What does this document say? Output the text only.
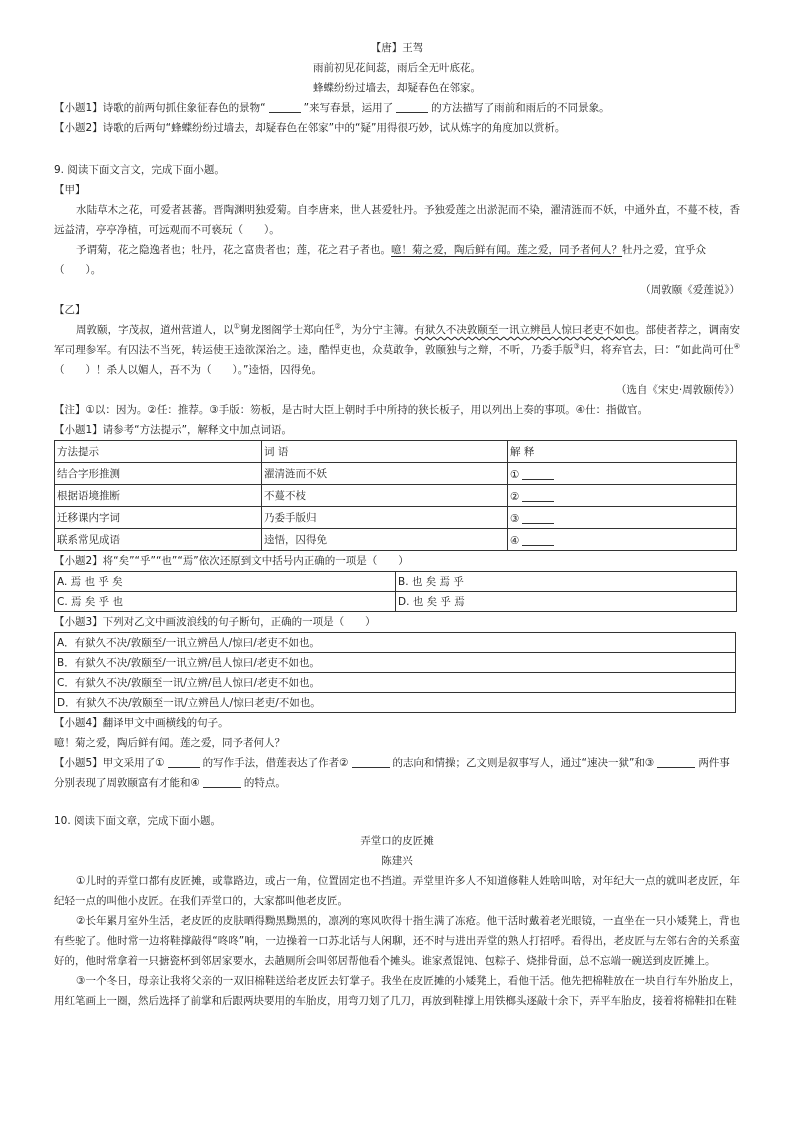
【唐】王驾
雨前初见花间蕊，雨后全无叶底花。
蜂蝶纷纷过墙去，却疑春色在邻家。
【小题1】诗歌的前两句抓住象征春色的景物“	”来写春景，运用了	的方法描写了雨前和雨后的不同景象。
【小题2】诗歌的后两句“蜂蝶纷纷过墙去，却疑春色在邻家”中的“疑”用得很巧妙，试从炼字的角度加以赏析。
9. 阅读下面文言文，完成下面小题。
【甲】
水陆草木之花，可爱者甚蕃。晋陶渊明独爱菊。自李唐来，世人甚爱牡丹。予独爱莲之出淤泥而不染，濯清涟而不妖，中通外直，不蔓不枝，香远益清，亭亭净植，可远观而不可亵玩（　　）。
予谓菊，花之隐逸者也；牡丹，花之富贵者也；莲，花之君子者也。噫！菊之爱，陶后鲜有闻。莲之爱，同予者何人？牡丹之爱，宜乎众
（　　）。
（周敦颐《爱莲说》）
【乙】
周敦颐，字茂叔，道州营道人，以①舅龙图阁学士郑向任②，为分宁主簿。有狱久不决敦颐至一讯立辨邑人惊曰老吏不如也。部使者荐之，调南安军司理参军。有囚法不当死，转运使王逵欲深治之。逵，酷悍吏也，众莫敢争，敦颐独与之辩，不听，乃委手版③归，将弃官去，曰：“如此尚可仕④（　　）！杀人以媚人，吾不为（　　）。”逵悟，囚得免。
（选自《宋史·周敦颐传》）
【注】①以：因为。②任：推荐。③手版：笏板，是古时大臣上朝时手中所持的狭长板子，用以列出上奏的事项。④仕：指做官。
【小题1】请参考“方法提示”，解释文中加点词语。
方法提示	词 语	解 释
结合字形推测	濯清涟而不妖	①
根据语境推断	不蔓不枝	②
迁移课内字词	乃委手版归	③
联系常见成语	逵悟，囚得免	④
【小题2】将“矣”“乎”“也”“焉”依次还原到文中括号内正确的一项是（　　）
A. 焉 也 乎 矣	B. 也 矣 焉 乎
C. 焉 矣 乎 也	D. 也 矣 乎 焉
【小题3】下列对乙文中画波浪线的句子断句，正确的一项是（　　）
A．有狱久不决/敦颐至/一讯立辨邑人/惊曰/老吏不如也。
B．有狱久不决/敦颐至/一讯立辨/邑人惊曰/老吏不如也。
C．有狱久不决/敦颐至一讯/立辨/邑人惊曰/老吏不如也。
D．有狱久不决/敦颐至一讯/立辨邑人/惊曰老吏/不如也。
【小题4】翻译甲文中画横线的句子。
噫！菊之爱，陶后鲜有闻。莲之爱，同予者何人？
【小题5】甲文采用了①	的写作手法，借莲表达了作者②	的志向和情操；乙文则是叙事写人，通过“速决一狱”和③	两件事
分别表现了周敦颐富有才能和④	的特点。
10. 阅读下面文章，完成下面小题。
弄堂口的皮匠摊
陈建兴
①儿时的弄堂口都有皮匠摊，或靠路边，或占一角，位置固定也不挡道。弄堂里许多人不知道修鞋人姓啥叫啥，对年纪大一点的就叫老皮匠，年纪轻一点的叫他小皮匠。在我们弄堂口的，大家都叫他老皮匠。
②长年累月室外生活，老皮匠的皮肤晒得黝黑黝黑的，凛冽的寒风吹得十指生满了冻疮。他干活时戴着老光眼镜，一直坐在一只小矮凳上，背也有些驼了。他时常一边将鞋撑敲得“咚咚”响，一边操着一口苏北话与人闲聊，还不时与进出弄堂的熟人打招呼。看得出，老皮匠与左邻右舍的关系蛮好的，他时常拿着一只搪瓷杯到邻居家要水，去趟厕所会叫邻居帮他看个摊头。谁家煮馄饨、包粽子、烧排骨面，总不忘端一碗送到皮匠摊上。
③一个冬日，母亲让我将父亲的一双旧棉鞋送给老皮匠去钉掌子。我坐在皮匠摊的小矮凳上，看他干活。他先把棉鞋放在一块自行车外胎皮上，用红笔画上一圈，然后选择了前掌和后跟两块要用的车胎皮，用弯刀划了几刀，再放到鞋撑上用铁榔头逐敲十余下，弄平车胎皮，接着将棉鞋扣在鞋
